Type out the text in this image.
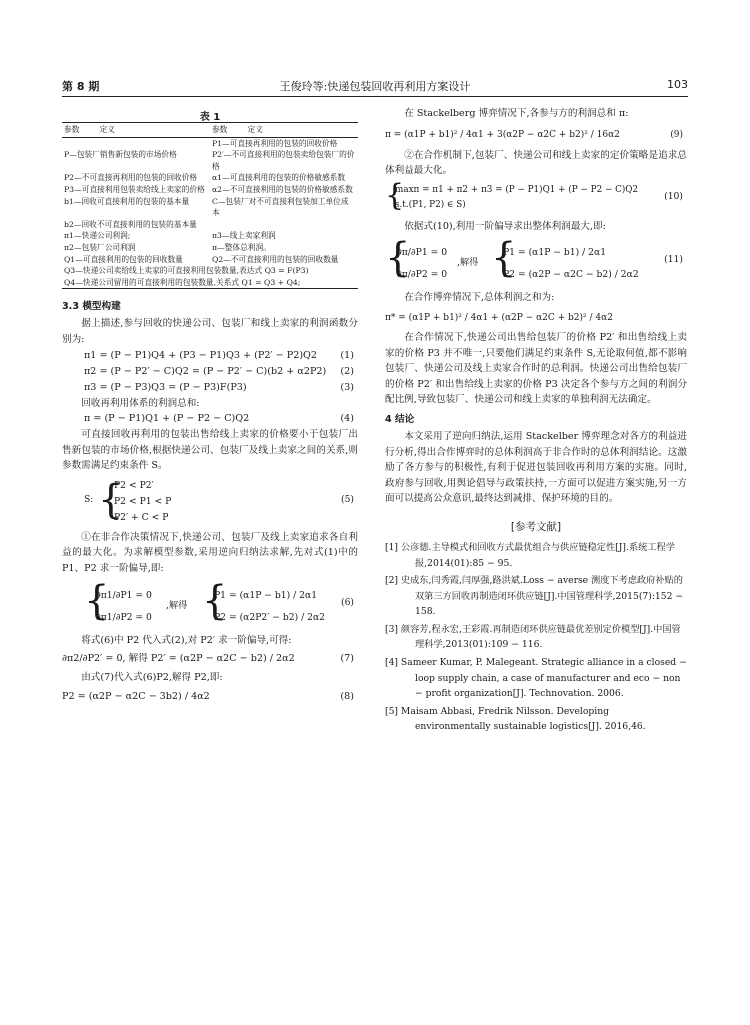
第 8 期	王俊玲等:快递包装回收再利用方案设计	103
表 1
参数	定义	参数	定义
		P1—可直接再利用的包装的回收价格	
P—包装厂销售新包装的市场价格		P2′—不可直接利用的包装卖给包装厂的价格	
P2—不可直接再利用的包装的回收价格		α1—可直接利用的包装的价格敏感系数	
P3—可直接利用包装卖给线上卖家的价格		α2—不可直接利用的包装的价格敏感系数	
b1—回收可直接利用的包装的基本量		C—包装厂对不可直接利包装加工单位成本	
b2—回收不可直接利用的包装的基本量			
π1—快递公司利润;		π3—线上卖家利润	
π2—包装厂公司利润		π—整体总利润。	
Q1—可直接利用的包装的回收数量		Q2—不可直接利用的包装的回收数量	
Q3—快递公司卖给线上卖家的可直接利用包装数量,表达式 Q3 = F(P3)			
Q4—快递公司留用的可直接利用的包装数量,关系式 Q1 = Q3 + Q4;			
3.3 模型构建

据上描述,参与回收的快递公司、包装厂和线上卖家的利润函数分别为:

π1 = (P − P1)Q4 + (P3 − P1)Q3 + (P2′ − P2)Q2 (1)
π2 = (P − P2′ − C)Q2 = (P − P2′ − C)(b2 + α2P2) (2)
π3 = (P − P3)Q3 = (P − P3)F(P3)	(3)

回收再利用体系的利润总和:

π = (P − P1)Q1 + (P − P2 − C)Q2	(4)

可直接回收再利用的包装出售给线上卖家的价格要小于包装厂出售新包装的市场价格,根据快递公司、包装厂及线上卖家之间的关系,则参数需满足约束条件 S。

S: {
P2 < P2′
P2 < P1 < P
P2′ + C < P
(5)

①在非合作决策情况下,快递公司、包装厂及线上卖家追求各自利益的最大化。为求解模型参数,采用逆向归纳法求解,先对式(1)中的 P1、P2 求一阶偏导,即:

{
∂π1/∂P1 = 0
∂π1/∂P2 = 0
,解得 {
P1 = (α1P − b1) / 2α1
P2 = (α2P2′ − b2) / 2α2
(6)

将式(6)中 P2 代入式(2),对 P2′ 求一阶偏导,可得:

∂π2/∂P2′ = 0, 解得 P2′ = (α2P − α2C − b2) / 2α2	(7)

由式(7)代入式(6)P2,解得 P2,即:

P2 = (α2P − α2C − 3b2) / 4α2	(8)

在 Stackelberg 博弈情况下,各参与方的利润总和 π:

π = (α1P + b1)² / 4α1 + 3(α2P − α2C + b2)² / 16α2	(9)

②在合作机制下,包装厂、快递公司和线上卖家的定价策略是追求总体利益最大化。

{
maxπ = π1 + π2 + π3 = (P − P1)Q1 + (P − P2 − C)Q2
s.t.(P1, P2) ∈ S)
(10)

依据式(10),利用一阶偏导求出整体利润最大,即:

{
∂π/∂P1 = 0
∂π/∂P2 = 0
,解得 {
P1 = (α1P − b1) / 2α1
P2 = (α2P − α2C − b2) / 2α2
(11)

在合作博弈情况下,总体利润之和为:

π* = (α1P + b1)² / 4α1 + (α2P − α2C + b2)² / 4α2

在合作情况下,快递公司出售给包装厂的价格 P2′ 和出售给线上卖家的价格 P3 并不唯一,只要他们满足约束条件 S,无论取何值,都不影响包装厂、快递公司及线上卖家合作时的总利润。快递公司出售给包装厂的价格 P2′ 和出售给线上卖家的价格 P3 决定各个参与方之间的利润分配比例,导致包装厂、快递公司和线上卖家的单独利润无法确定。

4 结论

本文采用了逆向归纳法,运用 Stackelber 博弈理念对各方的利益进行分析,得出合作博弈时的总体利润高于非合作时的总体利润结论。这激励了各方参与的积极性,有利于促进包装回收再利用方案的实施。同时,政府参与回收,用舆论倡导与政策扶持,一方面可以促进方案实施,另一方面可以提高公众意识,最终达到减排、保护环境的目的。

[参考文献]

[1] 公彦德.主导模式和回收方式最优组合与供应链稳定性[J].系统工程学报,2014(01):85 − 95.

[2] 史成东,闫秀霞,闫厚强,路洪斌.Loss − averse 测度下考虑政府补贴的双第三方回收再制造闭环供应链[J].中国管理科学,2015(7):152 − 158.

[3] 颜容芳,程永宏,王彩霞.再制造闭环供应链最优差别定价模型[J].中国管理科学,2013(01):109 − 116.

[4] Sameer Kumar, P. Malegeant. Strategic alliance in a closed − loop supply chain, a case of manufacturer and eco − non − profit organization[J]. Technovation. 2006.

[5] Maisam Abbasi, Fredrik Nilsson. Developing environmentally sustainable logistics[J]. 2016,46.
